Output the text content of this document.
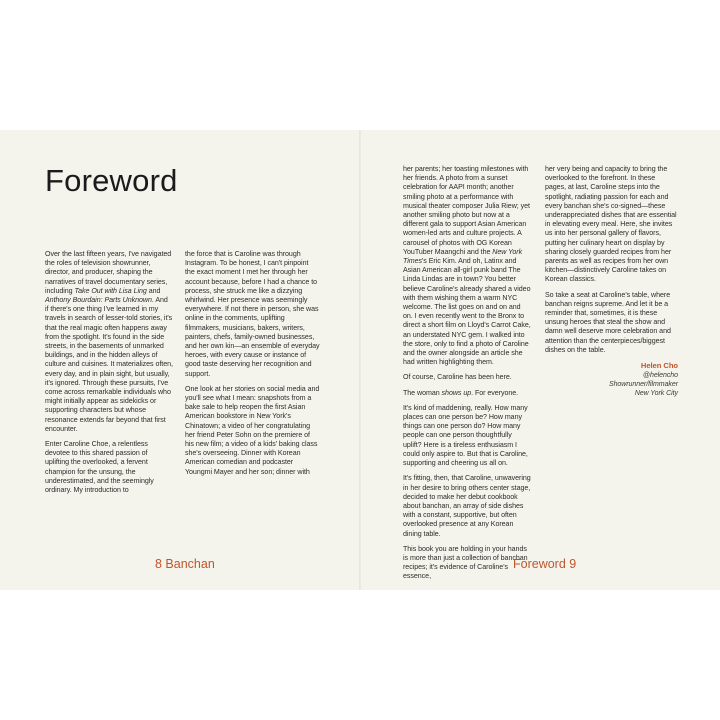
Foreword

Over the last fifteen years, I've navigated the roles of television showrunner, director, and producer, shaping the narratives of travel documentary series, including Take Out with Lisa Ling and Anthony Bourdain: Parts Unknown. And if there's one thing I've learned in my travels in search of lesser-told stories, it's that the real magic often happens away from the spotlight. It's found in the side streets, in the basements of unmarked buildings, and in the hidden alleys of culture and cuisines. It materializes often, every day, and in plain sight, but usually, it's ignored. Through these pursuits, I've come across remarkable individuals who might initially appear as sidekicks or supporting characters but whose resonance extends far beyond that first encounter.

Enter Caroline Choe, a relentless devotee to this shared passion of uplifting the overlooked, a fervent champion for the unsung, the underestimated, and the seemingly ordinary. My introduction to

the force that is Caroline was through Instagram. To be honest, I can't pinpoint the exact moment I met her through her account because, before I had a chance to process, she struck me like a dizzying whirlwind. Her presence was seemingly everywhere. If not there in person, she was online in the comments, uplifting filmmakers, musicians, bakers, writers, painters, chefs, family-owned businesses, and her own kin—an ensemble of everyday heroes, with every cause or instance of good taste deserving her recognition and support.

One look at her stories on social media and you'll see what I mean: snapshots from a bake sale to help reopen the first Asian American bookstore in New York's Chinatown; a video of her congratulating her friend Peter Sohn on the premiere of his new film; a video of a kids' baking class she's overseeing. Dinner with Korean American comedian and podcaster Youngmi Mayer and her son; dinner with

8 Banchan

her parents; her toasting milestones with her friends. A photo from a sunset celebration for AAPI month; another smiling photo at a performance with musical theater composer Julia Riew; yet another smiling photo but now at a different gala to support Asian American women-led arts and culture projects. A carousel of photos with OG Korean YouTuber Maangchi and the New York Times's Eric Kim. And oh, Latinx and Asian American all-girl punk band The Linda Lindas are in town? You better believe Caroline's already shared a video with them wishing them a warm NYC welcome. The list goes on and on and on. I even recently went to the Bronx to direct a short film on Lloyd's Carrot Cake, an understated NYC gem. I walked into the store, only to find a photo of Caroline and the owner alongside an article she had written highlighting them.

Of course, Caroline has been here.

The woman shows up. For everyone.

It's kind of maddening, really. How many places can one person be? How many things can one person do? How many people can one person thoughtfully uplift? Here is a tireless enthusiasm I could only aspire to. But that is Caroline, supporting and cheering us all on.

It's fitting, then, that Caroline, unwavering in her desire to bring others center stage, decided to make her debut cookbook about banchan, an array of side dishes with a constant, supportive, but often overlooked presence at any Korean dining table.

This book you are holding in your hands is more than just a collection of banchan recipes; it's evidence of Caroline's essence,

her very being and capacity to bring the overlooked to the forefront. In these pages, at last, Caroline steps into the spotlight, radiating passion for each and every banchan she's co-signed—these underappreciated dishes that are essential in elevating every meal. Here, she invites us into her personal gallery of flavors, putting her culinary heart on display by sharing closely guarded recipes from her parents as well as recipes from her own kitchen—distinctively Caroline takes on Korean classics.

So take a seat at Caroline's table, where banchan reigns supreme. And let it be a reminder that, sometimes, it is these unsung heroes that steal the show and damn well deserve more celebration and attention than the centerpieces/biggest dishes on the table.

Helen Cho
@helencho
Showrunner/filmmaker
New York City
Foreword 9
